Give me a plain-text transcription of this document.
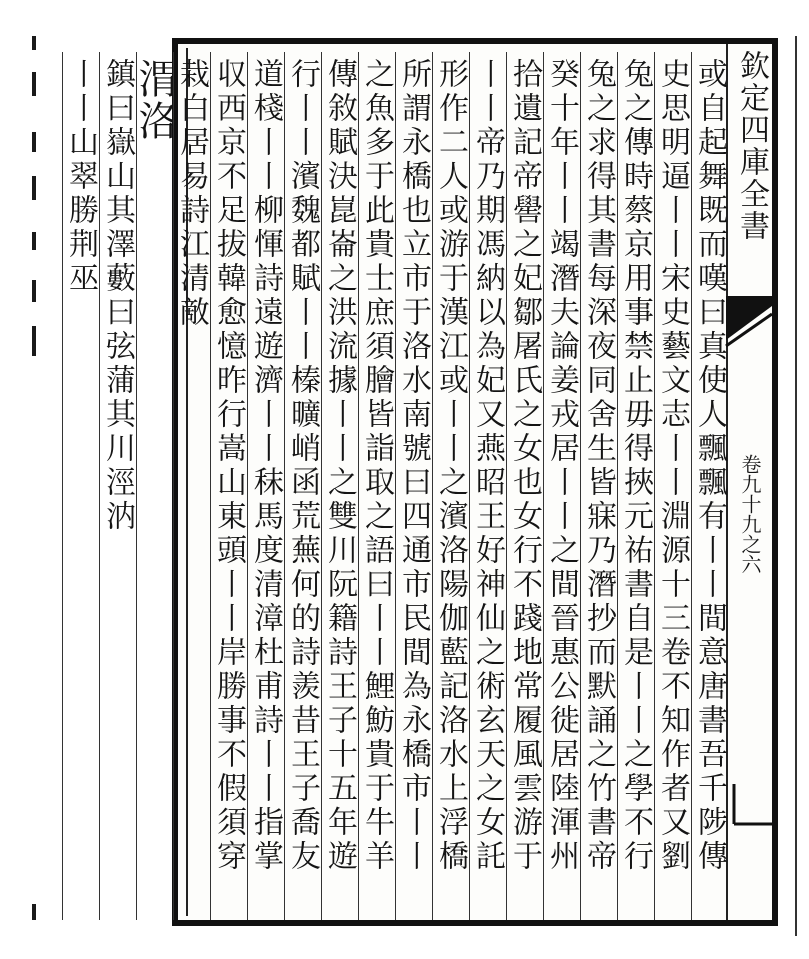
欽定四庫全書
卷九十九之六
或自起舞既而嘆曰真使人飄飄有丨丨間意唐書吾千陟傳
史思明逼丨丨宋史藝文志丨丨淵源十三卷不知作者又劉
兔之傳時蔡京用事禁止毋得挾元祐書自是丨丨之學不行
兔之求得其書每深夜同舍生皆寐乃潛抄而默誦之竹書帝
癸十年丨丨竭潛夫論姜戎居丨丨之間晉惠公徙居陸渾州
拾遺記帝嚳之妃鄒屠氏之女也女行不踐地常履風雲游于
丨丨帝乃期馮納以為妃又燕昭王好神仙之術玄天之女託
形作二人或游于漢江或丨丨之濱洛陽伽藍記洛水上浮橋
所謂永橋也立市于洛水南號曰四通市民間為永橋市丨丨
之魚多于此貴士庶須膾皆詣取之語曰丨丨鯉魴貴于牛羊
傳敘賦決崑崙之洪流據丨丨之雙川阮籍詩王子十五年遊
行丨丨濱魏都賦丨丨榛曠峭函荒蕪何的詩羨昔王子喬友
道棧丨丨柳惲詩遠遊濟丨丨秣馬度清漳杜甫詩丨丨指掌
収西京不足拔韓愈憶昨行嵩山東頭丨丨岸勝事不假須穿
栽白居易詩江清敵
渭洛
鎮曰嶽山其澤藪曰弦蒲其川涇汭
丨丨山翠勝荆巫
